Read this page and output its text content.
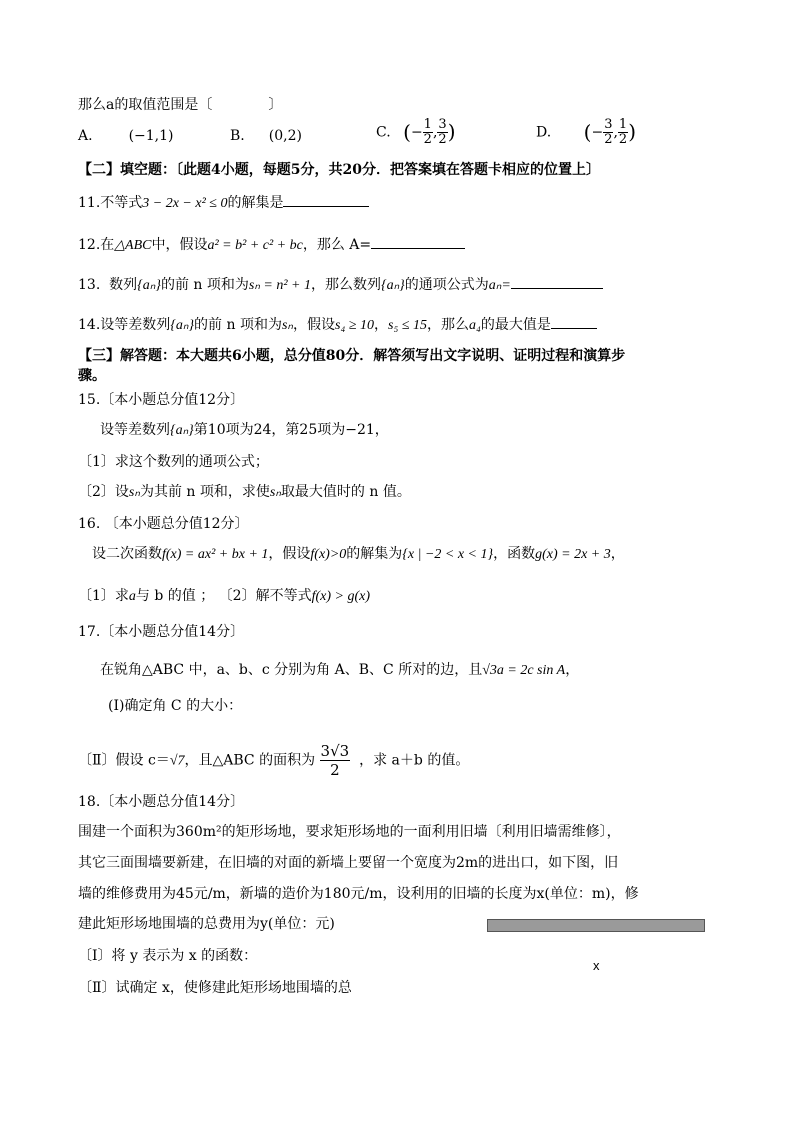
那么a的取值范围是〔　　　　〕
A.	(−1,1)	B. (0,2)	C. (− $\frac{1}{2}$ , $\frac{3}{2}$ )	D. (− $\frac{3}{2}$ , $\frac{1}{2}$ )
【二】填空题：〔此题4小题，每题5分，共20分．把答案填在答题卡相应的位置上〕
11.不等式3 − 2x − x² ≤ 0的解集是
12.在△ABC中，假设a² = b² + c² + bc，那么 A=
13. 数列{aₙ}的前 n 项和为sₙ = n² + 1，那么数列{aₙ}的通项公式为aₙ=
14.设等差数列{aₙ}的前 n 项和为sₙ，假设s₄ ≥ 10，s₅ ≤ 15，那么a₄的最大值是
【三】解答题：本大题共6小题，总分值80分．解答须写出文字说明、证明过程和演算步
骤。
15.〔本小题总分值12分〕
设等差数列{aₙ}第10项为24，第25项为−21，
〔1〕求这个数列的通项公式；
〔2〕设sₙ为其前 n 项和，求使sₙ取最大值时的 n 值。
16. 〔本小题总分值12分〕
设二次函数f(x) = ax² + bx + 1，假设f(x)>0的解集为{x | −2 < x < 1}，函数g(x) = 2x + 3，
〔1〕求a与 b 的值 ； 〔2〕解不等式f(x) > g(x)
17.〔本小题总分值14分〕
在锐角△ABC 中，a、b、c 分别为角 A、B、C 所对的边，且√3a = 2c sin A，
(Ⅰ)确定角 C 的大小：
〔Ⅱ〕假设 c＝√7，且△ABC 的面积为 $\frac{3√3}{2}$ ，求 a＋b 的值。
18.〔本小题总分值14分〕
围建一个面积为360m²的矩形场地，要求矩形场地的一面利用旧墙〔利用旧墙需维修〕，
其它三面围墙要新建，在旧墙的对面的新墙上要留一个宽度为2m的进出口，如下图，旧
墙的维修费用为45元/m，新墙的造价为180元/m，设利用的旧墙的长度为x(单位：m)，修
建此矩形场地围墙的总费用为y(单位：元)
〔Ⅰ〕将 y 表示为 x 的函数：
〔Ⅱ〕试确定 x，使修建此矩形场地围墙的总
x
